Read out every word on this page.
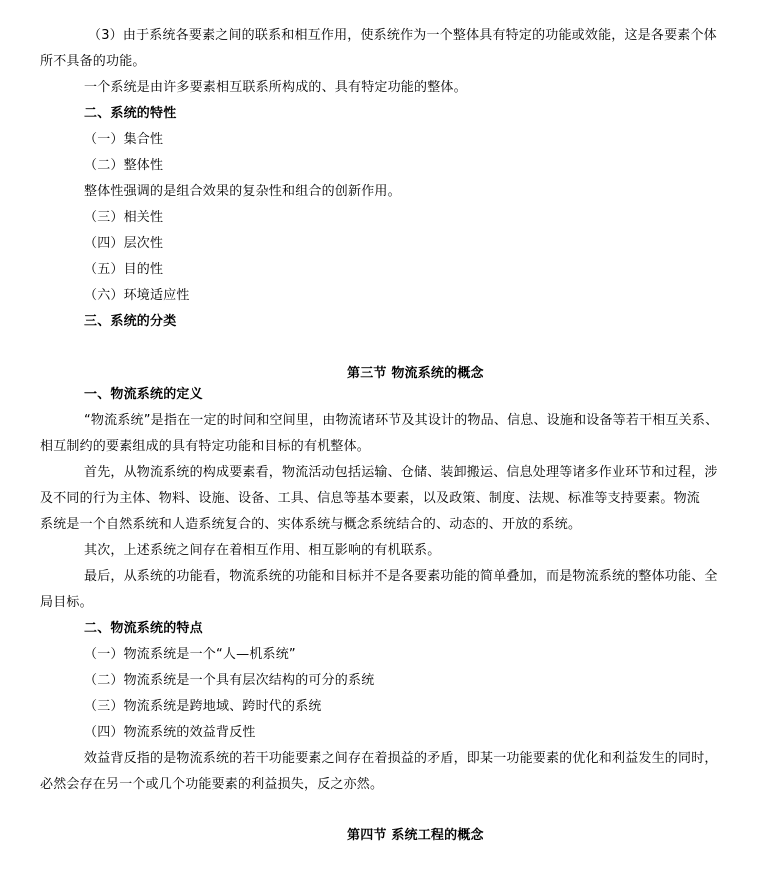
（3）由于系统各要素之间的联系和相互作用，使系统作为一个整体具有特定的功能或效能，这是各要素个体
所不具备的功能。
一个系统是由许多要素相互联系所构成的、具有特定功能的整体。
二、系统的特性
（一）集合性
（二）整体性
整体性强调的是组合效果的复杂性和组合的创新作用。
（三）相关性
（四）层次性
（五）目的性
（六）环境适应性
三、系统的分类
第三节 物流系统的概念
一、物流系统的定义
“物流系统”是指在一定的时间和空间里，由物流诸环节及其设计的物品、信息、设施和设备等若干相互关系、
相互制约的要素组成的具有特定功能和目标的有机整体。
首先，从物流系统的构成要素看，物流活动包括运输、仓储、装卸搬运、信息处理等诸多作业环节和过程，涉
及不同的行为主体、物料、设施、设备、工具、信息等基本要素，以及政策、制度、法规、标准等支持要素。物流
系统是一个自然系统和人造系统复合的、实体系统与概念系统结合的、动态的、开放的系统。
其次，上述系统之间存在着相互作用、相互影响的有机联系。
最后，从系统的功能看，物流系统的功能和目标并不是各要素功能的简单叠加，而是物流系统的整体功能、全
局目标。
二、物流系统的特点
（一）物流系统是一个“人—机系统”
（二）物流系统是一个具有层次结构的可分的系统
（三）物流系统是跨地域、跨时代的系统
（四）物流系统的效益背反性
效益背反指的是物流系统的若干功能要素之间存在着损益的矛盾，即某一功能要素的优化和利益发生的同时，
必然会存在另一个或几个功能要素的利益损失，反之亦然。
第四节 系统工程的概念
